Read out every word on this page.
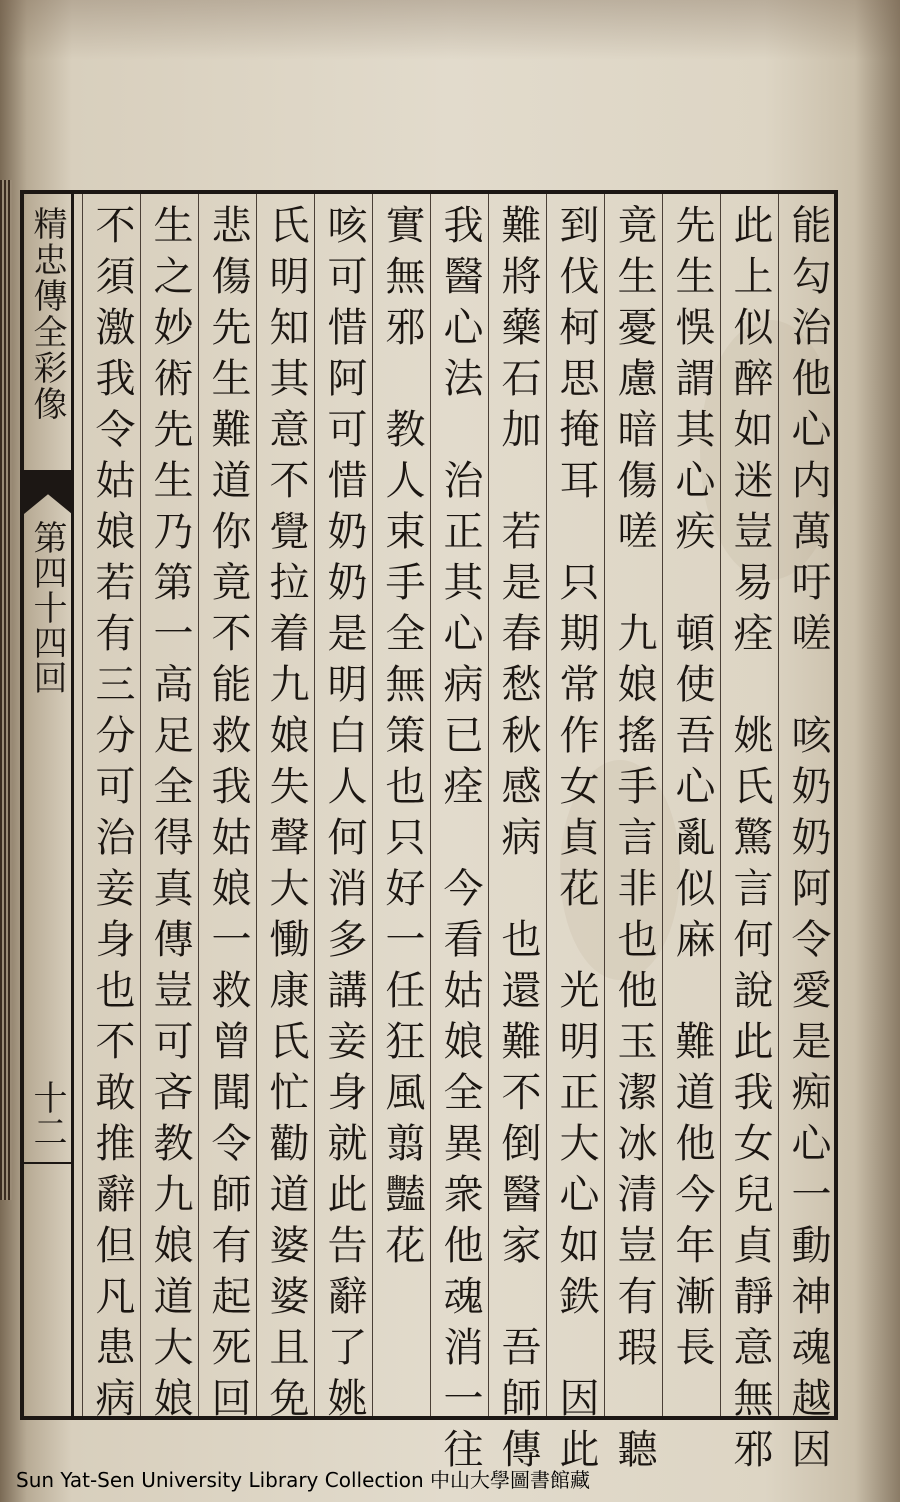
精忠傳全彩像
第四十四回
十二	能勾治他心内萬吁嗟　咳奶奶阿令愛是痴心一動神魂越因
此上似醉如迷豈易痊　姚氏驚言何說此我女兒貞靜意無邪
先生悞謂其心疾　頓使吾心亂似麻　難道他今年漸長
竟生憂慮暗傷嗟　九娘搖手言非也他玉潔冰清豈有瑕　聽
到伐柯思掩耳　只期常作女貞花　光明正大心如鉄　因此
難將藥石加　若是春愁秋感病　也還難不倒醫家　吾師傳
我醫心法　治正其心病已痊　今看姑娘全異衆他魂消一往
實無邪　教人束手全無策也只好一任狂風翦豔花
咳可惜阿可惜奶奶是明白人何消多講妾身就此告辭了姚
氏明知其意不覺拉着九娘失聲大慟康氏忙勸道婆婆且免
悲傷先生難道你竟不能救我姑娘一救曾聞令師有起死回
生之妙術先生乃第一高足全得真傳豈可吝教九娘道大娘
不須激我令姑娘若有三分可治妾身也不敢推辭但凡患病
Sun Yat-Sen University Library Collection 中山大學圖書館藏
